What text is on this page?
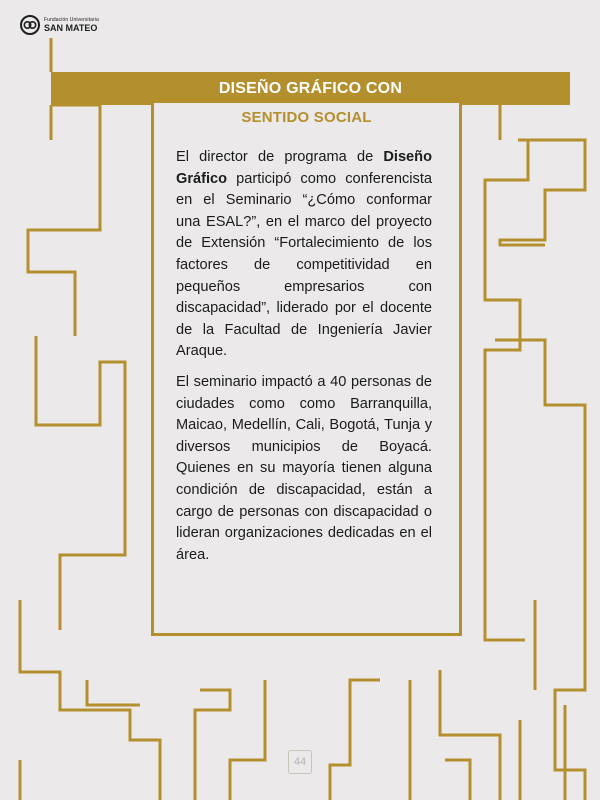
Fundación Universitaria
SAN MATEO
DISEÑO GRÁFICO CON
SENTIDO SOCIAL

El director de programa de Diseño Gráfico participó como conferencista en el Seminario “¿Cómo conformar una ESAL?”, en el marco del proyecto de Extensión “Fortalecimiento de los factores de competitividad en pequeños empresarios con discapacidad”, liderado por el docente de la Facultad de Ingeniería Javier Araque.

El seminario impactó a 40 personas de ciudades como como Barranquilla, Maicao, Medellín, Cali, Bogotá, Tunja y diversos municipios de Boyacá. Quienes en su mayoría tienen alguna condición de discapacidad, están a cargo de personas con discapacidad o lideran organizaciones dedicadas en el área.

44
